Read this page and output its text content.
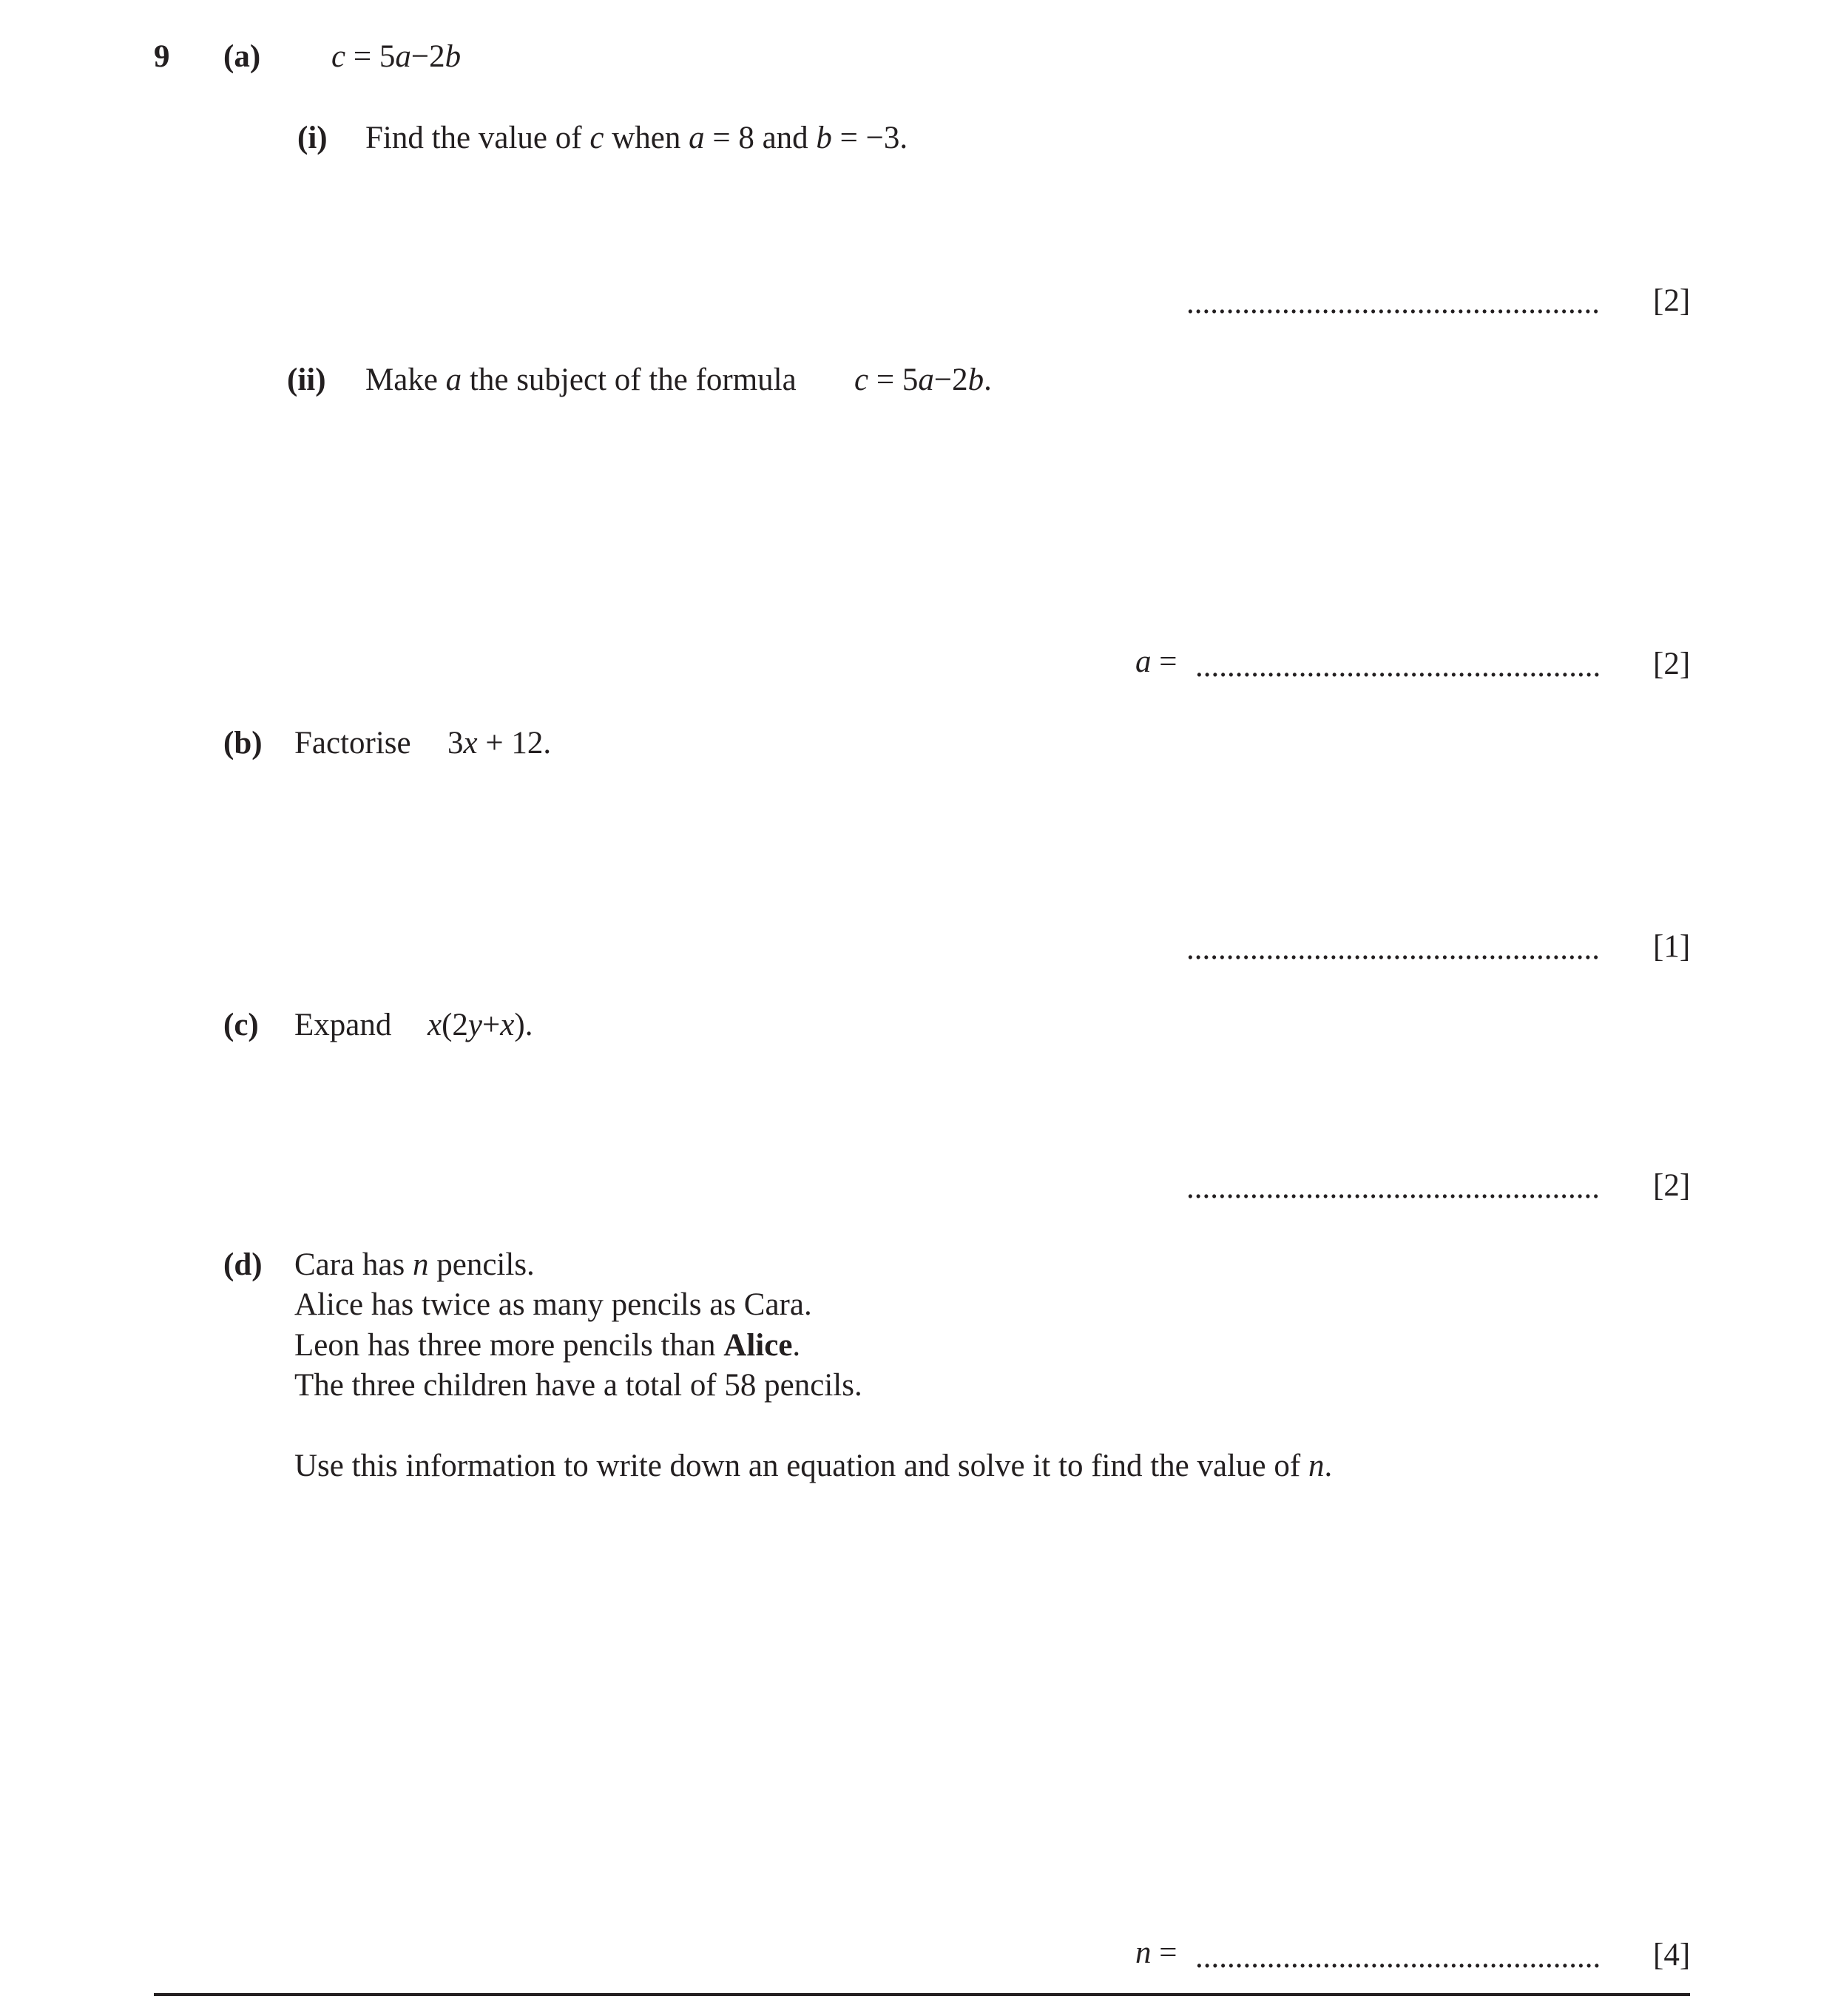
9 (a) c = 5a−2b
(i) Find the value of c when a = 8 and b = −3.
....................................................	[2]
(ii) Make a the subject of the formula c = 5a−2b.
a = ...................................................	[2]
(b) Factorise 3x + 12.
....................................................	[1]
(c) Expand x(2y+x).
....................................................	[2]
(d) Cara has n pencils.
Alice has twice as many pencils as Cara.
Leon has three more pencils than Alice.
The three children have a total of 58 pencils.
Use this information to write down an equation and solve it to find the value of n.
n = ...................................................	[4]
